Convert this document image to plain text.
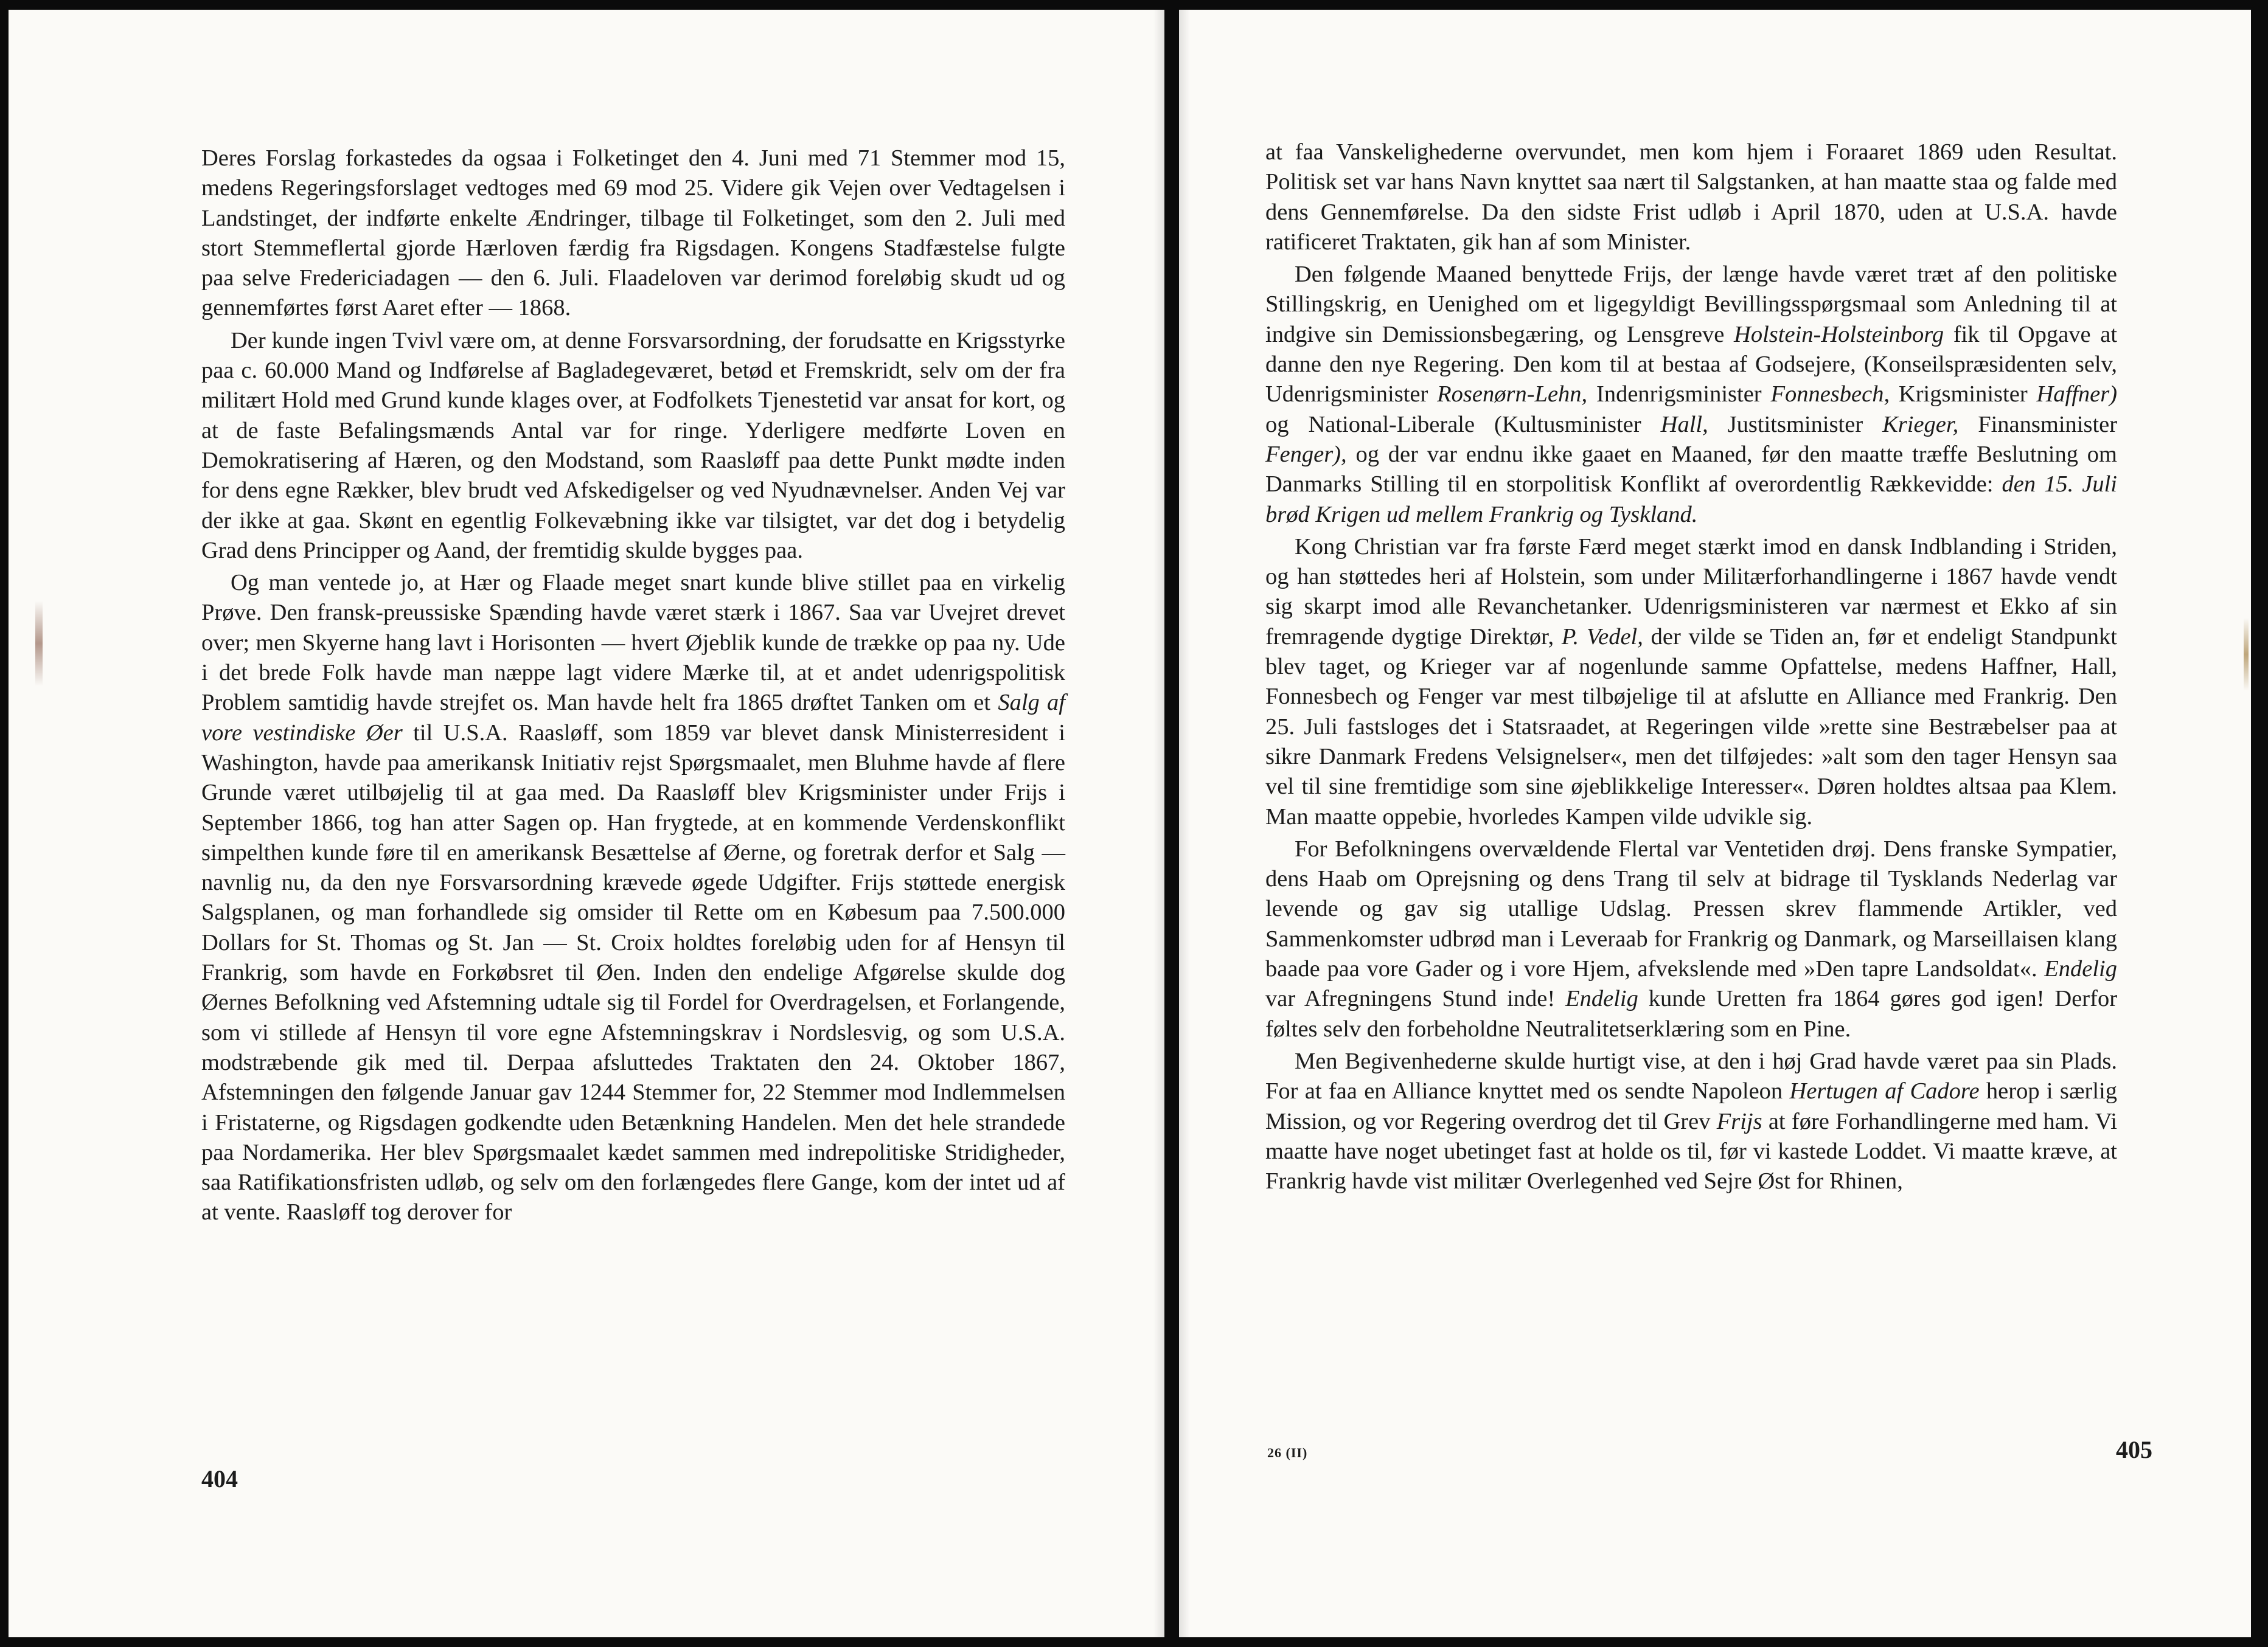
Deres Forslag forkastedes da ogsaa i Folketinget den 4. Juni med 71 Stemmer mod 15, medens Regeringsforslaget vedtoges med 69 mod 25. Videre gik Vejen over Vedtagelsen i Landstinget, der indførte enkelte Ændringer, tilbage til Folketinget, som den 2. Juli med stort Stemmeflertal gjorde Hærloven færdig fra Rigsdagen. Kongens Stadfæstelse fulgte paa selve Fredericiadagen — den 6. Juli. Flaadeloven var derimod foreløbig skudt ud og gennemførtes først Aaret efter — 1868.

Der kunde ingen Tvivl være om, at denne Forsvarsordning, der forudsatte en Krigsstyrke paa c. 60.000 Mand og Indførelse af Bagladegeværet, betød et Fremskridt, selv om der fra militært Hold med Grund kunde klages over, at Fodfolkets Tjenestetid var ansat for kort, og at de faste Befalingsmænds Antal var for ringe. Yderligere medførte Loven en Demokratisering af Hæren, og den Modstand, som Raasløff paa dette Punkt mødte inden for dens egne Rækker, blev brudt ved Afskedigelser og ved Nyudnævnelser. Anden Vej var der ikke at gaa. Skønt en egentlig Folkevæbning ikke var tilsigtet, var det dog i betydelig Grad dens Principper og Aand, der fremtidig skulde bygges paa.

Og man ventede jo, at Hær og Flaade meget snart kunde blive stillet paa en virkelig Prøve. Den fransk-preussiske Spænding havde været stærk i 1867. Saa var Uvejret drevet over; men Skyerne hang lavt i Horisonten — hvert Øjeblik kunde de trække op paa ny. Ude i det brede Folk havde man næppe lagt videre Mærke til, at et andet udenrigspolitisk Problem samtidig havde strejfet os. Man havde helt fra 1865 drøftet Tanken om et Salg af vore vestindiske Øer til U.S.A. Raasløff, som 1859 var blevet dansk Ministerresident i Washington, havde paa amerikansk Initiativ rejst Spørgsmaalet, men Bluhme havde af flere Grunde været utilbøjelig til at gaa med. Da Raasløff blev Krigsminister under Frijs i September 1866, tog han atter Sagen op. Han frygtede, at en kommende Verdenskonflikt simpelthen kunde føre til en amerikansk Besættelse af Øerne, og foretrak derfor et Salg — navnlig nu, da den nye Forsvarsordning krævede øgede Udgifter. Frijs støttede energisk Salgsplanen, og man forhandlede sig omsider til Rette om en Købesum paa 7.500.000 Dollars for St. Thomas og St. Jan — St. Croix holdtes foreløbig uden for af Hensyn til Frankrig, som havde en Forkøbsret til Øen. Inden den endelige Afgørelse skulde dog Øernes Befolkning ved Afstemning udtale sig til Fordel for Overdragelsen, et Forlangende, som vi stillede af Hensyn til vore egne Afstemningskrav i Nordslesvig, og som U.S.A. modstræbende gik med til. Derpaa afsluttedes Traktaten den 24. Oktober 1867, Afstemningen den følgende Januar gav 1244 Stemmer for, 22 Stemmer mod Indlemmelsen i Fristaterne, og Rigsdagen godkendte uden Betænkning Handelen. Men det hele strandede paa Nordamerika. Her blev Spørgsmaalet kædet sammen med indrepolitiske Stridigheder, saa Ratifikationsfristen udløb, og selv om den forlængedes flere Gange, kom der intet ud af at vente. Raasløff tog derover for

404

at faa Vanskelighederne overvundet, men kom hjem i Foraaret 1869 uden Resultat. Politisk set var hans Navn knyttet saa nært til Salgstanken, at han maatte staa og falde med dens Gennemførelse. Da den sidste Frist udløb i April 1870, uden at U.S.A. havde ratificeret Traktaten, gik han af som Minister.

Den følgende Maaned benyttede Frijs, der længe havde været træt af den politiske Stillingskrig, en Uenighed om et ligegyldigt Bevillingsspørgsmaal som Anledning til at indgive sin Demissionsbegæring, og Lensgreve Holstein-Holsteinborg fik til Opgave at danne den nye Regering. Den kom til at bestaa af Godsejere, (Konseilspræsidenten selv, Udenrigsminister Rosenørn-Lehn, Indenrigsminister Fonnesbech, Krigsminister Haffner) og National-Liberale (Kultusminister Hall, Justitsminister Krieger, Finansminister Fenger), og der var endnu ikke gaaet en Maaned, før den maatte træffe Beslutning om Danmarks Stilling til en storpolitisk Konflikt af overordentlig Rækkevidde: den 15. Juli brød Krigen ud mellem Frankrig og Tyskland.

Kong Christian var fra første Færd meget stærkt imod en dansk Indblanding i Striden, og han støttedes heri af Holstein, som under Militærforhandlingerne i 1867 havde vendt sig skarpt imod alle Revanchetanker. Udenrigsministeren var nærmest et Ekko af sin fremragende dygtige Direktør, P. Vedel, der vilde se Tiden an, før et endeligt Standpunkt blev taget, og Krieger var af nogenlunde samme Opfattelse, medens Haffner, Hall, Fonnesbech og Fenger var mest tilbøjelige til at afslutte en Alliance med Frankrig. Den 25. Juli fastsloges det i Statsraadet, at Regeringen vilde »rette sine Bestræbelser paa at sikre Danmark Fredens Velsignelser«, men det tilføjedes: »alt som den tager Hensyn saa vel til sine fremtidige som sine øjeblikkelige Interesser«. Døren holdtes altsaa paa Klem. Man maatte oppebie, hvorledes Kampen vilde udvikle sig.

For Befolkningens overvældende Flertal var Ventetiden drøj. Dens franske Sympatier, dens Haab om Oprejsning og dens Trang til selv at bidrage til Tysklands Nederlag var levende og gav sig utallige Udslag. Pressen skrev flammende Artikler, ved Sammenkomster udbrød man i Leveraab for Frankrig og Danmark, og Marseillaisen klang baade paa vore Gader og i vore Hjem, afvekslende med »Den tapre Landsoldat«. Endelig var Afregningens Stund inde! Endelig kunde Uretten fra 1864 gøres god igen! Derfor føltes selv den forbeholdne Neutralitetserklæring som en Pine.

Men Begivenhederne skulde hurtigt vise, at den i høj Grad havde været paa sin Plads. For at faa en Alliance knyttet med os sendte Napoleon Hertugen af Cadore herop i særlig Mission, og vor Regering overdrog det til Grev Frijs at føre Forhandlingerne med ham. Vi maatte have noget ubetinget fast at holde os til, før vi kastede Loddet. Vi maatte kræve, at Frankrig havde vist militær Overlegenhed ved Sejre Øst for Rhinen,

26 (II)	405
